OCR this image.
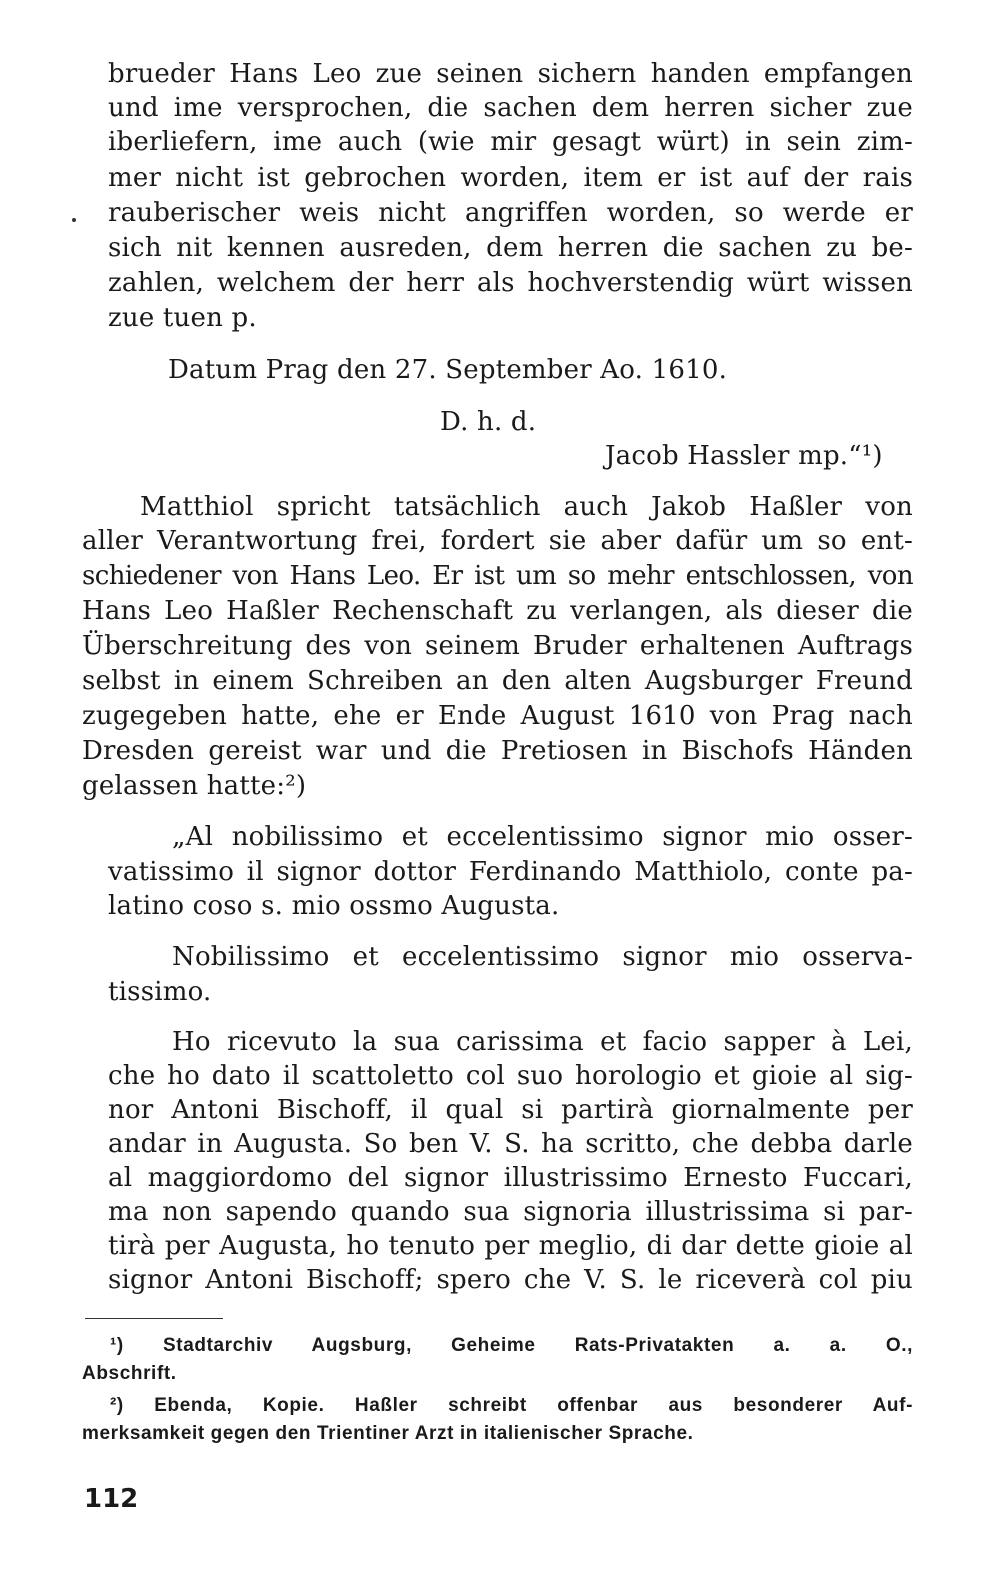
brueder Hans Leo zue seinen sichern handen empfangen
und ime versprochen, die sachen dem herren sicher zue
iberliefern, ime auch (wie mir gesagt würt) in sein zim-
mer nicht ist gebrochen worden, item er ist auf der rais
rauberischer weis nicht angriffen worden, so werde er
sich nit kennen ausreden, dem herren die sachen zu be-
zahlen, welchem der herr als hochverstendig würt wissen
zue tuen p.
Datum Prag den 27. September Ao. 1610.
D. h. d.
Jacob Hassler mp.“¹)
Matthiol spricht tatsächlich auch Jakob Haßler von
aller Verantwortung frei, fordert sie aber dafür um so ent-
schiedener von Hans Leo. Er ist um so mehr entschlossen, von
Hans Leo Haßler Rechenschaft zu verlangen, als dieser die
Überschreitung des von seinem Bruder erhaltenen Auftrags
selbst in einem Schreiben an den alten Augsburger Freund
zugegeben hatte, ehe er Ende August 1610 von Prag nach
Dresden gereist war und die Pretiosen in Bischofs Händen
gelassen hatte:²)
„Al nobilissimo et eccelentissimo signor mio osser-
vatissimo il signor dottor Ferdinando Matthiolo, conte pa-
latino coso s. mio ossmo Augusta.
Nobilissimo et eccelentissimo signor mio osserva-
tissimo.
Ho ricevuto la sua carissima et facio sapper à Lei,
che ho dato il scattoletto col suo horologio et gioie al sig-
nor Antoni Bischoff, il qual si partirà giornalmente per
andar in Augusta. So ben V. S. ha scritto, che debba darle
al maggiordomo del signor illustrissimo Ernesto Fuccari,
ma non sapendo quando sua signoria illustrissima si par-
tirà per Augusta, ho tenuto per meglio, di dar dette gioie al
signor Antoni Bischoff; spero che V. S. le riceverà col piu
¹) Stadtarchiv Augsburg, Geheime Rats-Privatakten a. a. O.,
Abschrift.
²) Ebenda, Kopie. Haßler schreibt offenbar aus besonderer Auf-
merksamkeit gegen den Trientiner Arzt in italienischer Sprache.
112
